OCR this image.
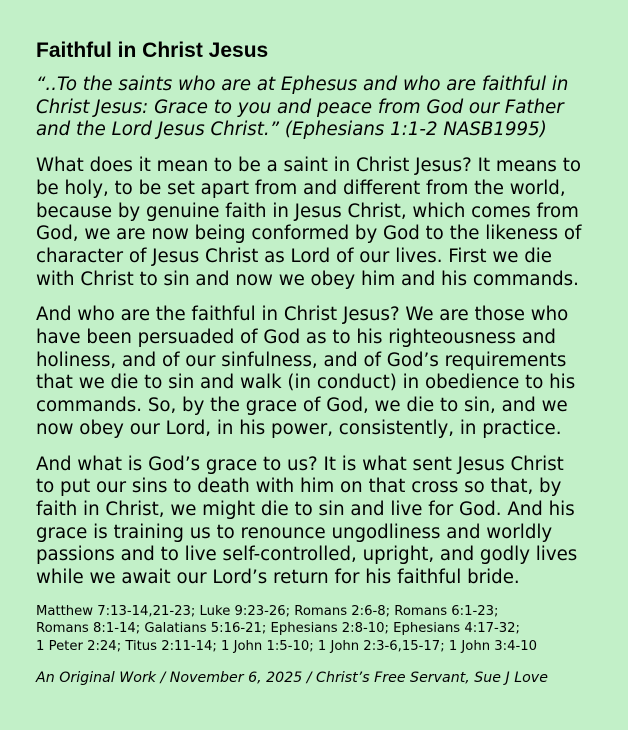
Faithful in Christ Jesus
“..To the saints who are at Ephesus and who are faithful in
Christ Jesus: Grace to you and peace from God our Father
and the Lord Jesus Christ.” (Ephesians 1:1-2 NASB1995)
What does it mean to be a saint in Christ Jesus? It means to
be holy, to be set apart from and different from the world,
because by genuine faith in Jesus Christ, which comes from
God, we are now being conformed by God to the likeness of
character of Jesus Christ as Lord of our lives. First we die
with Christ to sin and now we obey him and his commands.
And who are the faithful in Christ Jesus? We are those who
have been persuaded of God as to his righteousness and
holiness, and of our sinfulness, and of God’s requirements
that we die to sin and walk (in conduct) in obedience to his
commands. So, by the grace of God, we die to sin, and we
now obey our Lord, in his power, consistently, in practice.
And what is God’s grace to us? It is what sent Jesus Christ
to put our sins to death with him on that cross so that, by
faith in Christ, we might die to sin and live for God. And his
grace is training us to renounce ungodliness and worldly
passions and to live self-controlled, upright, and godly lives
while we await our Lord’s return for his faithful bride.
Matthew 7:13-14,21-23; Luke 9:23-26; Romans 2:6-8; Romans 6:1-23;
Romans 8:1-14; Galatians 5:16-21; Ephesians 2:8-10; Ephesians 4:17-32;
1 Peter 2:24; Titus 2:11-14; 1 John 1:5-10; 1 John 2:3-6,15-17; 1 John 3:4-10
An Original Work / November 6, 2025 / Christ’s Free Servant, Sue J Love
